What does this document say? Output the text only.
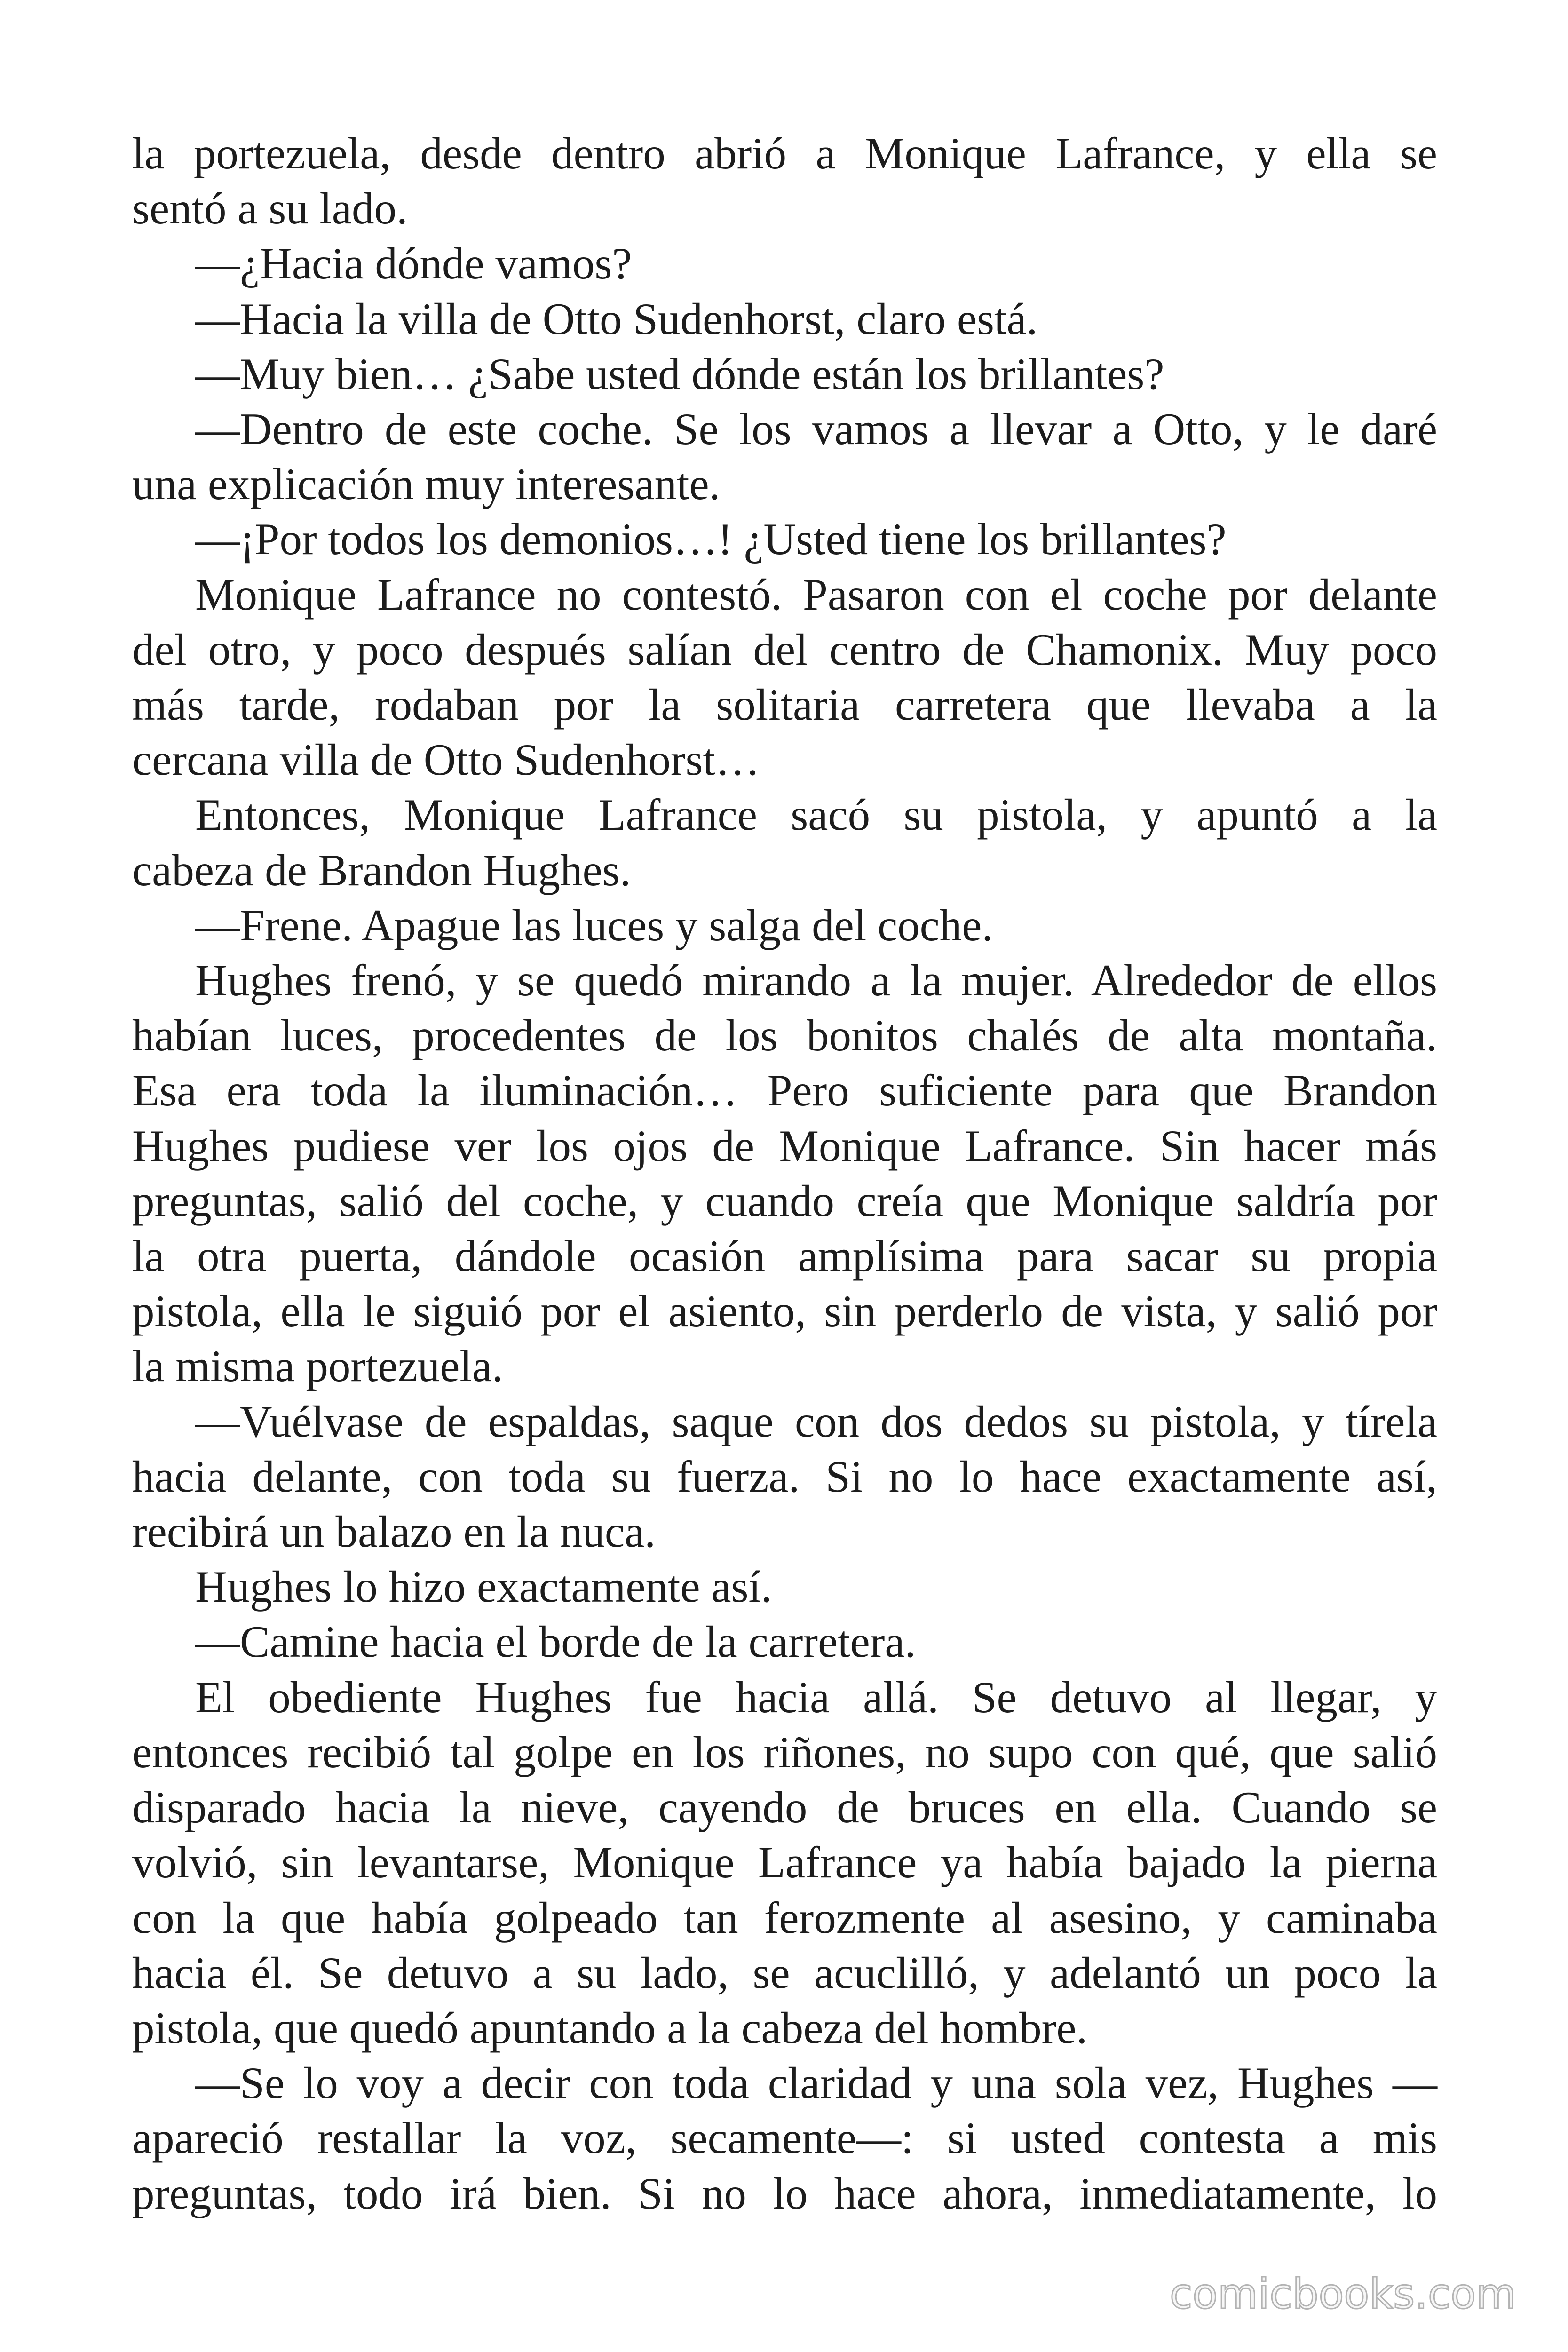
la portezuela, desde dentro abrió a Monique Lafrance, y ella se
sentó a su lado.
—¿Hacia dónde vamos?
—Hacia la villa de Otto Sudenhorst, claro está.
—Muy bien… ¿Sabe usted dónde están los brillantes?
—Dentro de este coche. Se los vamos a llevar a Otto, y le daré
una explicación muy interesante.
—¡Por todos los demonios…! ¿Usted tiene los brillantes?
Monique Lafrance no contestó. Pasaron con el coche por delante
del otro, y poco después salían del centro de Chamonix. Muy poco
más tarde, rodaban por la solitaria carretera que llevaba a la
cercana villa de Otto Sudenhorst…
Entonces, Monique Lafrance sacó su pistola, y apuntó a la
cabeza de Brandon Hughes.
—Frene. Apague las luces y salga del coche.
Hughes frenó, y se quedó mirando a la mujer. Alrededor de ellos
habían luces, procedentes de los bonitos chalés de alta montaña.
Esa era toda la iluminación… Pero suficiente para que Brandon
Hughes pudiese ver los ojos de Monique Lafrance. Sin hacer más
preguntas, salió del coche, y cuando creía que Monique saldría por
la otra puerta, dándole ocasión amplísima para sacar su propia
pistola, ella le siguió por el asiento, sin perderlo de vista, y salió por
la misma portezuela.
—Vuélvase de espaldas, saque con dos dedos su pistola, y tírela
hacia delante, con toda su fuerza. Si no lo hace exactamente así,
recibirá un balazo en la nuca.
Hughes lo hizo exactamente así.
—Camine hacia el borde de la carretera.
El obediente Hughes fue hacia allá. Se detuvo al llegar, y
entonces recibió tal golpe en los riñones, no supo con qué, que salió
disparado hacia la nieve, cayendo de bruces en ella. Cuando se
volvió, sin levantarse, Monique Lafrance ya había bajado la pierna
con la que había golpeado tan ferozmente al asesino, y caminaba
hacia él. Se detuvo a su lado, se acuclilló, y adelantó un poco la
pistola, que quedó apuntando a la cabeza del hombre.
—Se lo voy a decir con toda claridad y una sola vez, Hughes —
apareció restallar la voz, secamente—: si usted contesta a mis
preguntas, todo irá bien. Si no lo hace ahora, inmediatamente, lo
comicbooks.com
